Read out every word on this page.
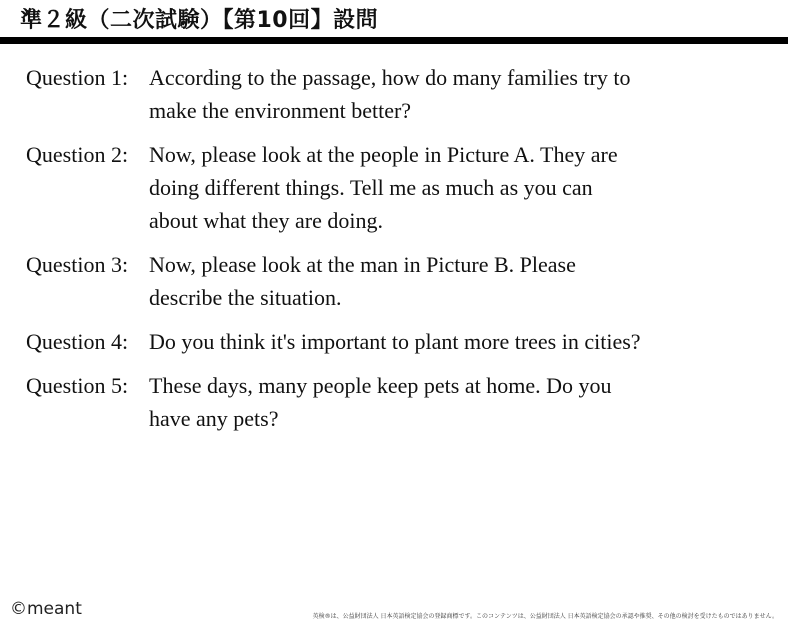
準２級（二次試験）【第10回】設問
Question 1: According to the passage, how do many families try to
make the environment better?
Question 2: Now, please look at the people in Picture A. They are
doing different things. Tell me as much as you can
about what they are doing.
Question 3: Now, please look at the man in Picture B. Please
describe the situation.
Question 4: Do you think it's important to plant more trees in cities?
Question 5: These days, many people keep pets at home. Do you
have any pets?
©meant	英検®は、公益財団法人 日本英語検定協会の登録商標です。このコンテンツは、公益財団法人 日本英語検定協会の承認や推奨、その他の検討を受けたものではありません。
